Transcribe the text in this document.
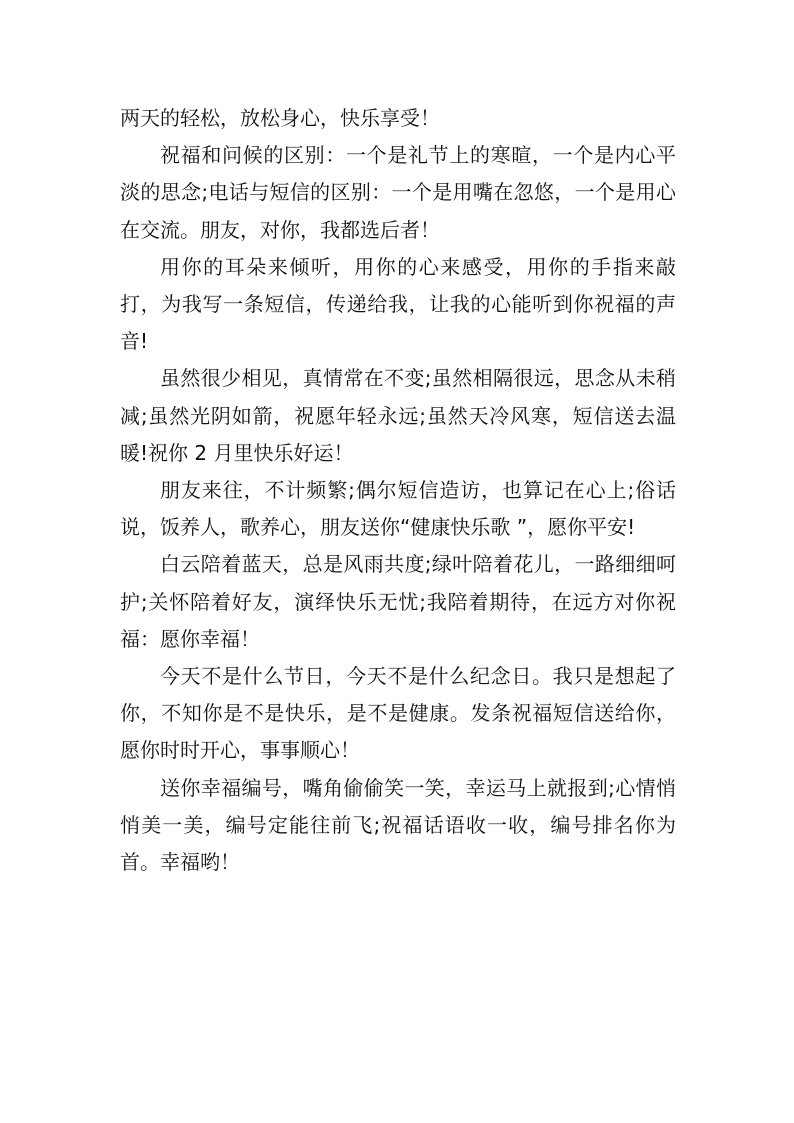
两天的轻松，放松身心，快乐享受！

祝福和问候的区别：一个是礼节上的寒暄，一个是内心平淡的思念;电话与短信的区别：一个是用嘴在忽悠，一个是用心在交流。朋友，对你，我都选后者！

用你的耳朵来倾听，用你的心来感受，用你的手指来敲打，为我写一条短信，传递给我，让我的心能听到你祝福的声音!

虽然很少相见，真情常在不变;虽然相隔很远，思念从未稍减;虽然光阴如箭，祝愿年轻永远;虽然天冷风寒，短信送去温暖!祝你 2 月里快乐好运！

朋友来往，不计频繁;偶尔短信造访，也算记在心上;俗话说，饭养人，歌养心，朋友送你“健康快乐歌 ”，愿你平安!

白云陪着蓝天，总是风雨共度;绿叶陪着花儿，一路细细呵护;关怀陪着好友，演绎快乐无忧;我陪着期待，在远方对你祝福：愿你幸福！

今天不是什么节日，今天不是什么纪念日。我只是想起了你，不知你是不是快乐，是不是健康。发条祝福短信送给你，愿你时时开心，事事顺心！

送你幸福编号，嘴角偷偷笑一笑，幸运马上就报到;心情悄悄美一美，编号定能往前飞;祝福话语收一收，编号排名你为首。幸福哟！
